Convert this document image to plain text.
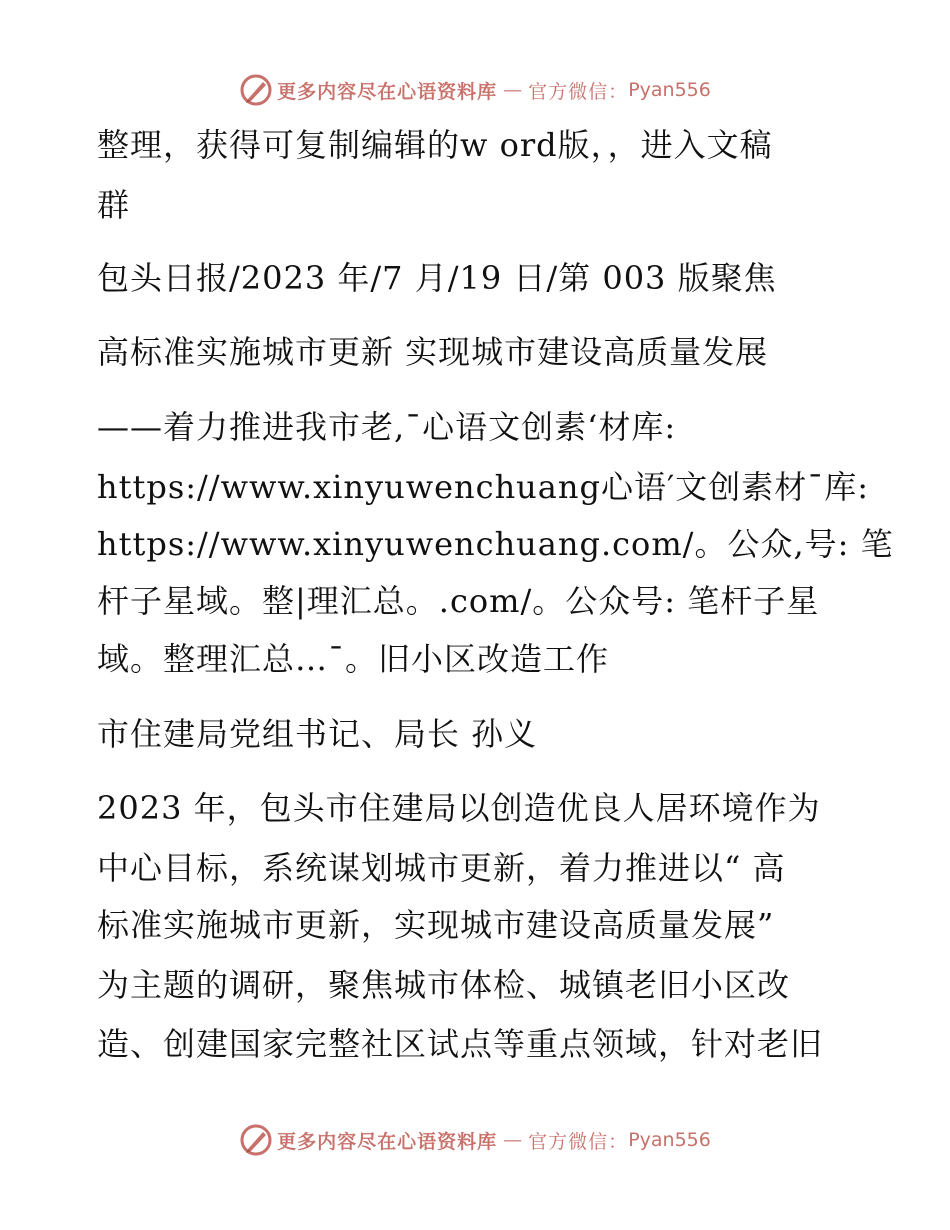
更多内容尽在心语资料库 — 官方微信： Pyan556
整理，获得可复制编辑的w ord版，，进入文稿
群
包头日报/2023 年/7 月/19 日/第 003 版聚焦
高标准实施城市更新 实现城市建设高质量发展
——着力推进我市老,¯心语文创素‘材库:
https://www.xinyuwenchuang心语′文创素材¯库:
https://www.xinyuwenchuang.com/。公众,号: 笔
杆子星域。整|理汇总。.com/。公众号: 笔杆子星
域。整理汇总…¯。旧小区改造工作
市住建局党组书记、局长 孙义
2023 年，包头市住建局以创造优良人居环境作为
中心目标，系统谋划城市更新，着力推进以“ 高
标准实施城市更新，实现城市建设高质量发展”
为主题的调研，聚焦城市体检、城镇老旧小区改
造、创建国家完整社区试点等重点领域，针对老旧
更多内容尽在心语资料库 — 官方微信： Pyan556
